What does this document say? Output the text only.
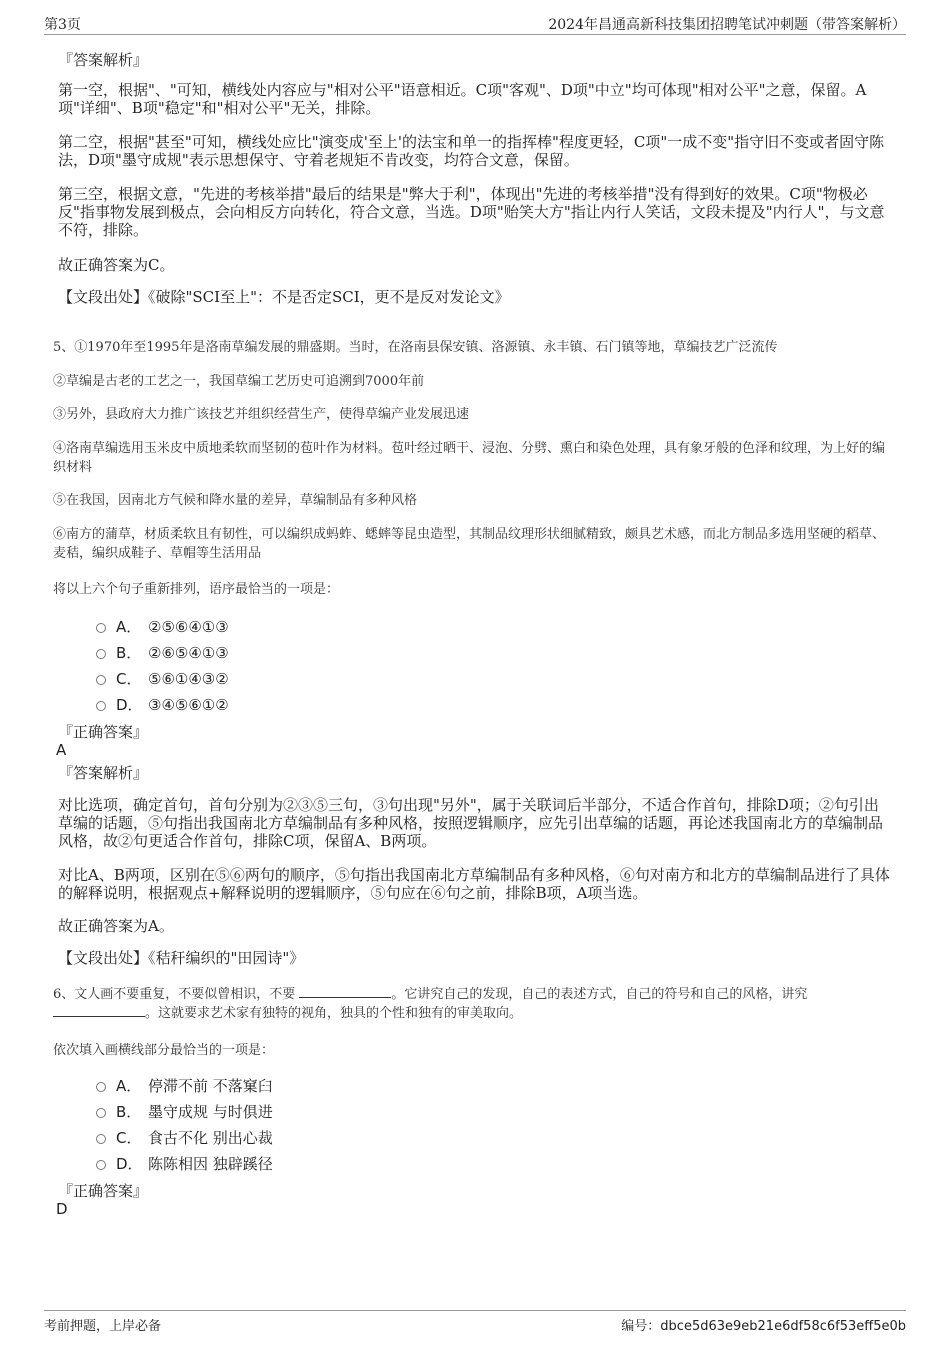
第3页	2024年昌通高新科技集团招聘笔试冲刺题（带答案解析）
『答案解析』
第一空，根据"、"可知，横线处内容应与"相对公平"语意相近。C项"客观"、D项"中立"均可体现"相对公平"之意，保留。A项"详细"、B项"稳定"和"相对公平"无关，排除。
第二空，根据"甚至"可知，横线处应比"演变成'至上'的法宝和单一的指挥棒"程度更轻，C项"一成不变"指守旧不变或者固守陈法，D项"墨守成规"表示思想保守、守着老规矩不肯改变，均符合文意，保留。
第三空，根据文意，"先进的考核举措"最后的结果是"弊大于利"，体现出"先进的考核举措"没有得到好的效果。C项"物极必反"指事物发展到极点，会向相反方向转化，符合文意，当选。D项"贻笑大方"指让内行人笑话，文段未提及"内行人"，与文意不符，排除。
故正确答案为C。
【文段出处】《破除"SCI至上"：不是否定SCI，更不是反对发论文》
5、①1970年至1995年是洛南草编发展的鼎盛期。当时，在洛南县保安镇、洛源镇、永丰镇、石门镇等地，草编技艺广泛流传
②草编是古老的工艺之一，我国草编工艺历史可追溯到7000年前
③另外，县政府大力推广该技艺并组织经营生产，使得草编产业发展迅速
④洛南草编选用玉米皮中质地柔软而坚韧的苞叶作为材料。苞叶经过晒干、浸泡、分劈、熏白和染色处理，具有象牙般的色泽和纹理，为上好的编织材料
⑤在我国，因南北方气候和降水量的差异，草编制品有多种风格
⑥南方的蒲草，材质柔软且有韧性，可以编织成蚂蚱、蟋蟀等昆虫造型，其制品纹理形状细腻精致，颇具艺术感，而北方制品多选用坚硬的稻草、麦秸，编织成鞋子、草帽等生活用品
将以上六个句子重新排列，语序最恰当的一项是：
A． ②⑤⑥④①③
B． ②⑥⑤④①③
C． ⑤⑥①④③②
D． ③④⑤⑥①②
『正确答案』
A
『答案解析』
对比选项，确定首句，首句分别为②③⑤三句，③句出现"另外"，属于关联词后半部分，不适合作首句，排除D项；②句引出草编的话题，⑤句指出我国南北方草编制品有多种风格，按照逻辑顺序，应先引出草编的话题，再论述我国南北方的草编制品风格，故②句更适合作首句，排除C项，保留A、B两项。
对比A、B两项，区别在⑤⑥两句的顺序，⑤句指出我国南北方草编制品有多种风格，⑥句对南方和北方的草编制品进行了具体的解释说明，根据观点+解释说明的逻辑顺序，⑤句应在⑥句之前，排除B项，A项当选。
故正确答案为A。
【文段出处】《秸秆编织的"田园诗"》
6、文人画不要重复，不要似曾相识，不要	。它讲究自己的发现，自己的表述方式，自己的符号和自己的风格，讲究
。这就要求艺术家有独特的视角，独具的个性和独有的审美取向。
依次填入画横线部分最恰当的一项是：
A． 停滞不前 不落窠臼
B． 墨守成规 与时俱进
C． 食古不化 别出心裁
D． 陈陈相因 独辟蹊径
『正确答案』
D
考前押题，上岸必备	编号：dbce5d63e9eb21e6df58c6f53eff5e0b
